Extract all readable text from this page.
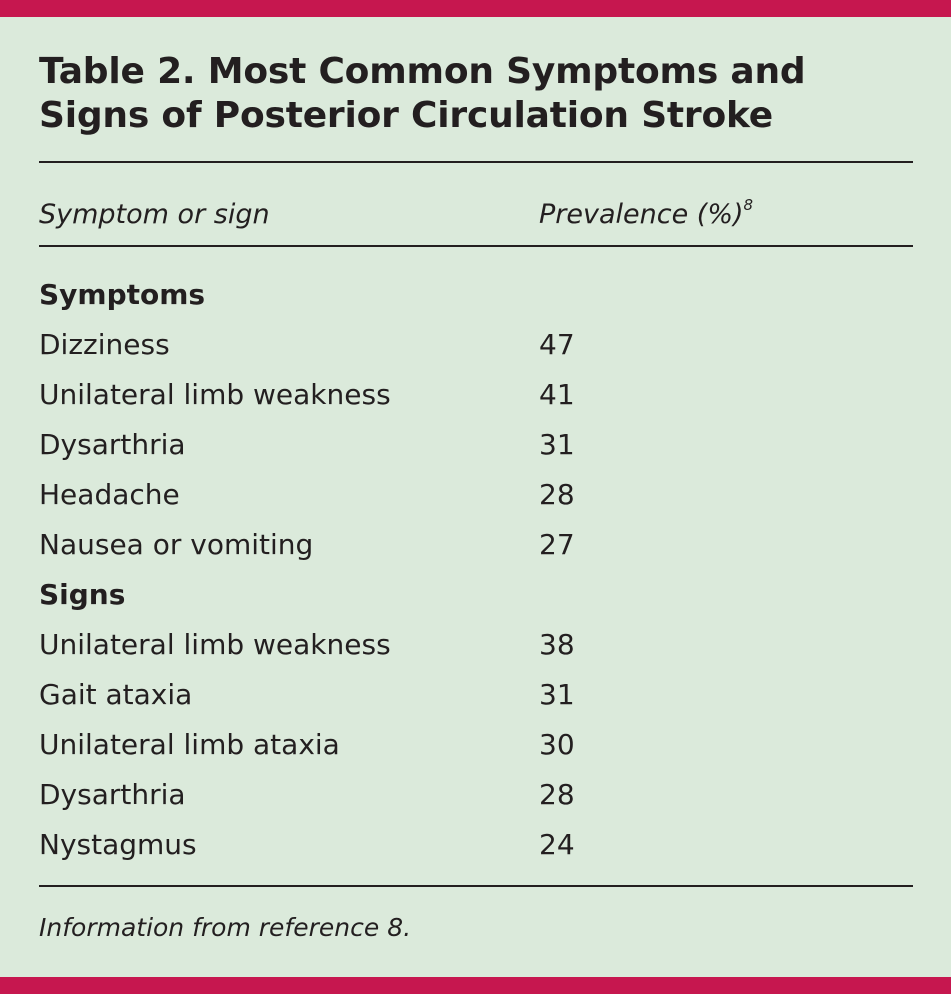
Table 2. Most Common Symptoms and Signs of Posterior Circulation Stroke
Symptom or sign	Prevalence (%)$^8$
Symptoms
Dizziness	47
Unilateral limb weakness	41
Dysarthria	31
Headache	28
Nausea or vomiting	27
Signs
Unilateral limb weakness	38
Gait ataxia	31
Unilateral limb ataxia	30
Dysarthria	28
Nystagmus	24
Information from reference 8.
